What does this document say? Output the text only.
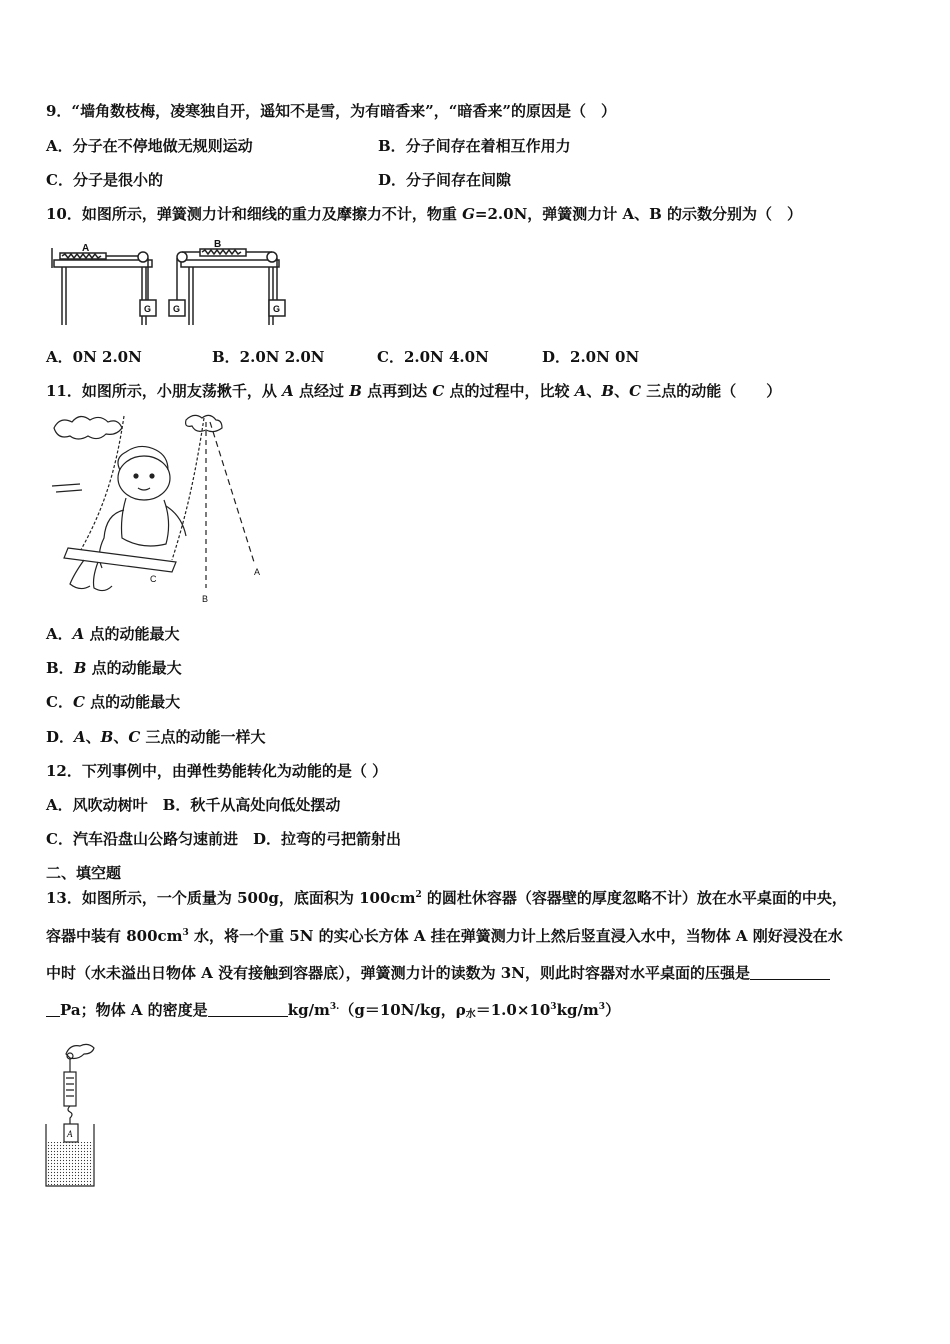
9．“墙角数枝梅，凌寒独自开，遥知不是雪，为有暗香来”，“暗香来”的原因是（　）
A．分子在不停地做无规则运动	B．分子间存在着相互作用力
C．分子是很小的	D．分子间存在间隙
10．如图所示，弹簧测力计和细线的重力及摩擦力不计，物重 G=2.0N，弹簧测力计 A、B 的示数分别为（　）
A	B
G G	G
A．0N 2.0N	B．2.0N 2.0N	C．2.0N 4.0N	D．2.0N 0N
11．如图所示，小朋友荡揪千，从 A 点经过 B 点再到达 C 点的过程中，比较 A、B、C 三点的动能（　　）
C
B
A
A．A 点的动能最大
B．B 点的动能最大
C．C 点的动能最大
D．A、B、C 三点的动能一样大
12．下列事例中，由弹性势能转化为动能的是（ ）
A．风吹动树叶　B．秋千从高处向低处摆动
C．汽车沿盘山公路匀速前进　D．拉弯的弓把箭射出
二、填空题
13．如图所示，一个质量为 500g，底面积为 $100cm^2$ 的圆杜休容器（容器壁的厚度忽略不计）放在水平桌面的中央，
容器中装有 $800cm^3$ 水，将一个重 5N 的实心长方体 A 挂在弹簧测力计上然后竖直浸入水中，当物体 A 刚好浸没在水
中时（水未溢出日物体 A 没有接触到容器底），弹簧测力计的读数为 3N，则此时容器对水平桌面的压强是
Pa；物体 A 的密度是	$kg/m^{3.}(g=10N/kg$，$\rho_水=1.0\times 10^3kg/m^3$）
A
